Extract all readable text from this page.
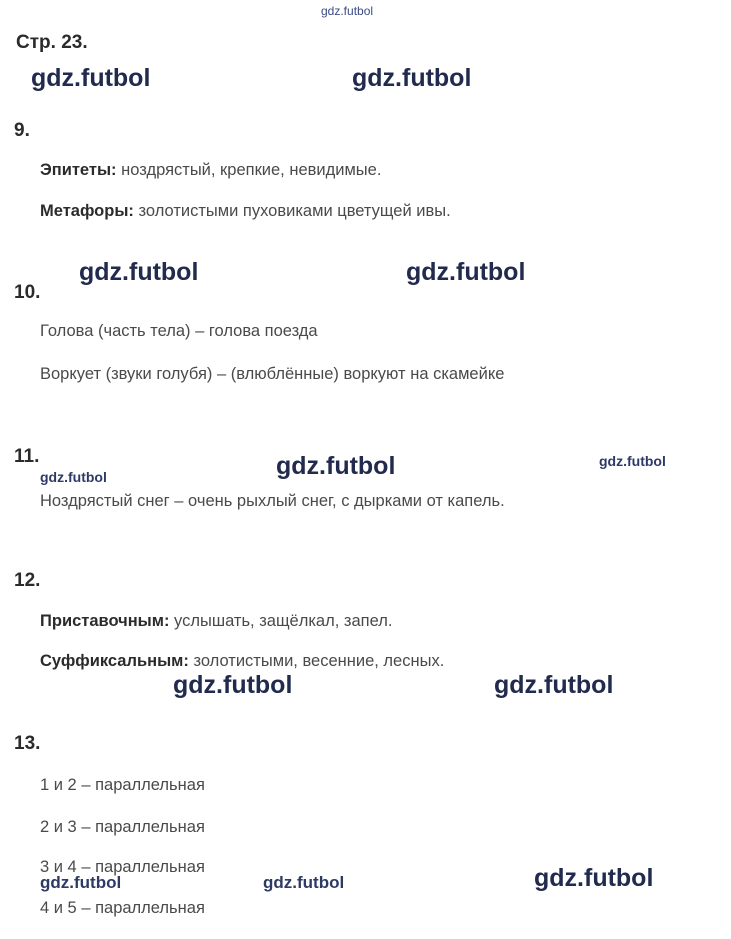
gdz.futbol
Стр. 23.
gdz.futbol	gdz.futbol
9.
Эпитеты: ноздрястый, крепкие, невидимые.
Метафоры: золотистыми пуховиками цветущей ивы.
gdz.futbol	gdz.futbol
10.
Голова (часть тела) – голова поезда
Воркует (звуки голубя) – (влюблённые) воркуют на скамейке
11.
gdz.futbol	gdz.futbol	gdz.futbol
Ноздрястый снег – очень рыхлый снег, с дырками от капель.
12.
Приставочным: услышать, защёлкал, запел.
Суффиксальным: золотистыми, весенние, лесных.
gdz.futbol	gdz.futbol
13.
1 и 2 – параллельная
2 и 3 – параллельная
3 и 4 – параллельная
4 и 5 – параллельная
gdz.futbol	gdz.futbol	gdz.futbol
